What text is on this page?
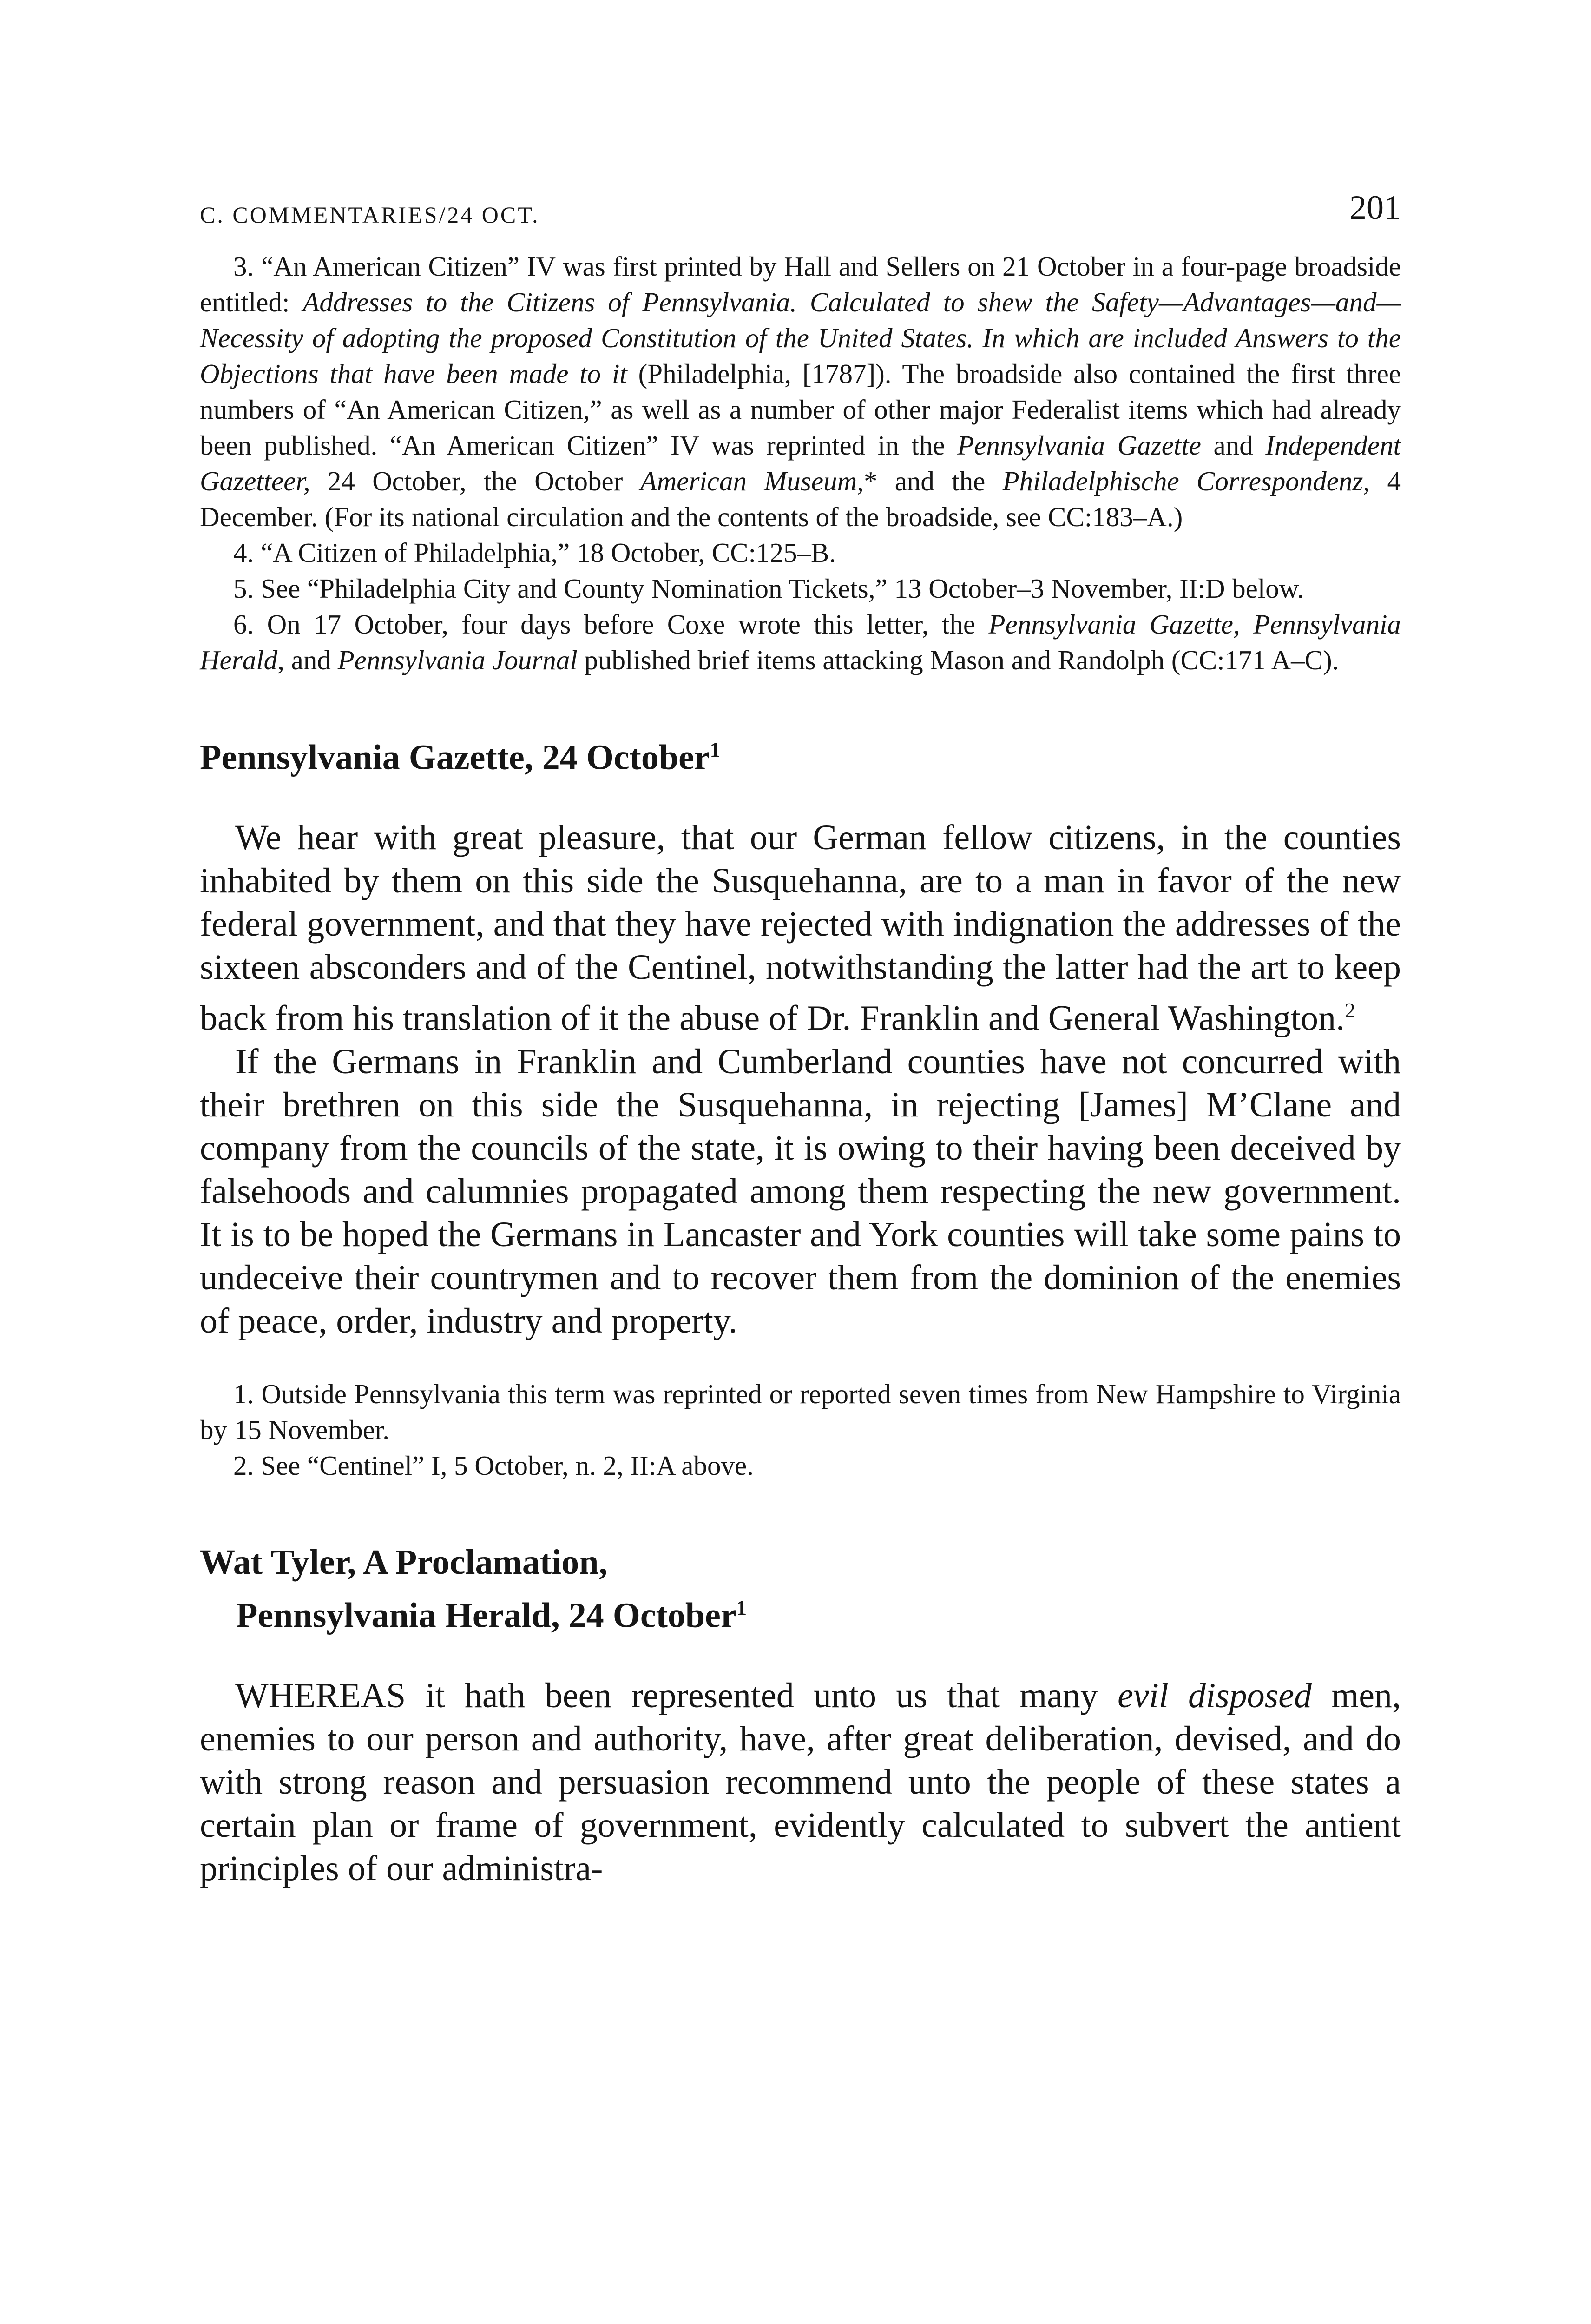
C. COMMENTARIES/24 OCT.	201

3. “An American Citizen” IV was first printed by Hall and Sellers on 21 October in a four-page broadside entitled: Addresses to the Citizens of Pennsylvania. Calculated to shew the Safety—Advantages—and—Necessity of adopting the proposed Constitution of the United States. In which are included Answers to the Objections that have been made to it (Philadelphia, [1787]). The broadside also contained the first three numbers of “An American Citizen,” as well as a number of other major Federalist items which had already been published. “An American Citizen” IV was reprinted in the Pennsylvania Gazette and Independent Gazetteer, 24 October, the October American Museum,* and the Philadelphische Correspondenz, 4 December. (For its national circulation and the contents of the broadside, see CC:183–A.)

4. “A Citizen of Philadelphia,” 18 October, CC:125–B.

5. See “Philadelphia City and County Nomination Tickets,” 13 October–3 November, II:D below.

6. On 17 October, four days before Coxe wrote this letter, the Pennsylvania Gazette, Pennsylvania Herald, and Pennsylvania Journal published brief items attacking Mason and Randolph (CC:171 A–C).

Pennsylvania Gazette, 24 October$^1$

We hear with great pleasure, that our German fellow citizens, in the counties inhabited by them on this side the Susquehanna, are to a man in favor of the new federal government, and that they have rejected with indignation the addresses of the sixteen absconders and of the Centinel, notwithstanding the latter had the art to keep back from his translation of it the abuse of Dr. Franklin and General Washington.$^2$

If the Germans in Franklin and Cumberland counties have not concurred with their brethren on this side the Susquehanna, in rejecting [James] M’Clane and company from the councils of the state, it is owing to their having been deceived by falsehoods and calumnies propagated among them respecting the new government. It is to be hoped the Germans in Lancaster and York counties will take some pains to undeceive their countrymen and to recover them from the dominion of the enemies of peace, order, industry and property.

1. Outside Pennsylvania this term was reprinted or reported seven times from New Hampshire to Virginia by 15 November.

2. See “Centinel” I, 5 October, n. 2, II:A above.

Wat Tyler, A Proclamation,
Pennsylvania Herald, 24 October$^1$

WHEREAS it hath been represented unto us that many evil disposed men, enemies to our person and authority, have, after great deliberation, devised, and do with strong reason and persuasion recommend unto the people of these states a certain plan or frame of government, evidently calculated to subvert the antient principles of our administra-
